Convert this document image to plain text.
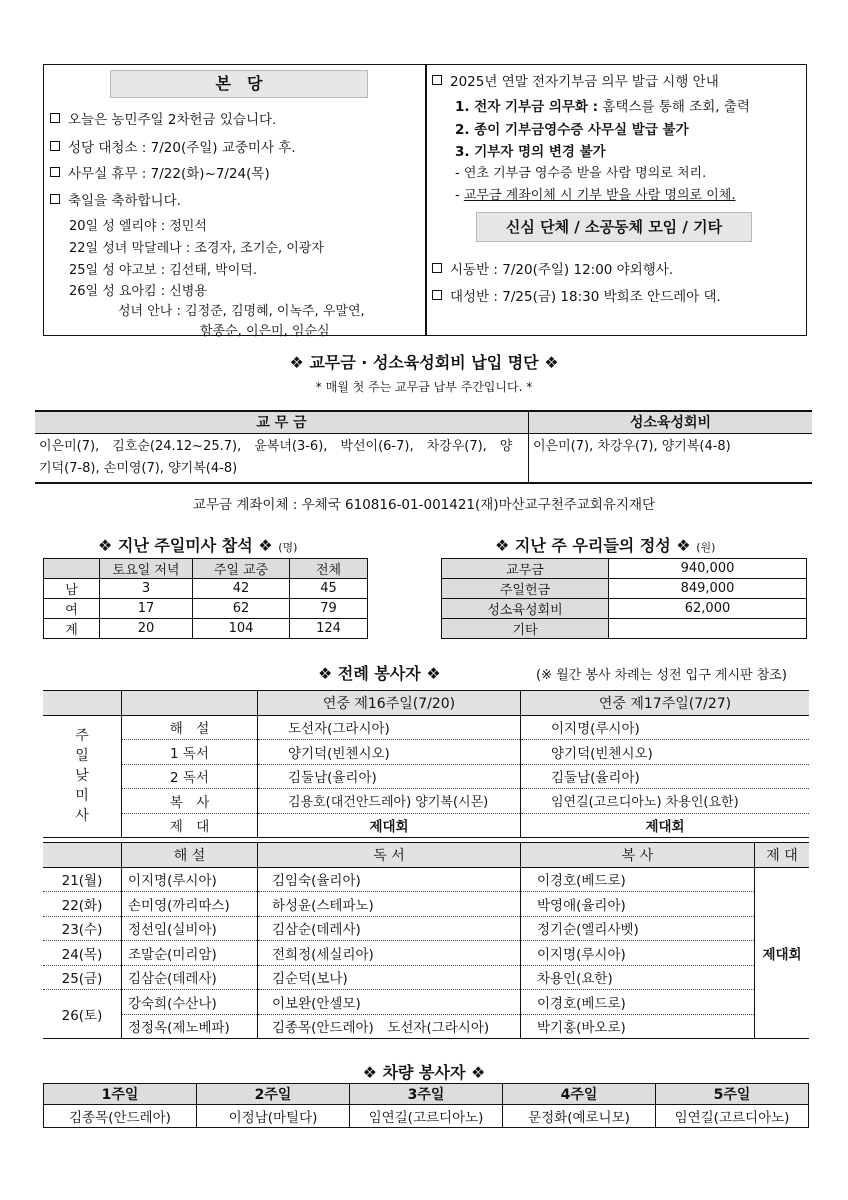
본　당
오늘은 농민주일 2차헌금 있습니다.
성당 대청소 : 7/20(주일) 교중미사 후.
사무실 휴무 : 7/22(화)~7/24(목)
축일을 축하합니다.
20일 성 엘리야 : 정민석
22일 성녀 막달레나 : 조경자, 조기순, 이광자
25일 성 야고보 : 김선태, 박이덕.
26일 성 요아킴 : 신병용
성녀 안나 : 김정준, 김명혜, 이녹주, 우말연,
함종순, 이은미, 임순심
2025년 연말 전자기부금 의무 발급 시행 안내
1. 전자 기부금 의무화 : 홈택스를 통해 조회, 출력
2. 종이 기부금영수증 사무실 발급 불가
3. 기부자 명의 변경 불가
- 연초 기부금 영수증 받을 사람 명의로 처리.
- 교무금 계좌이체 시 기부 받을 사람 명의로 이체.
신심 단체 / 소공동체 모임 / 기타
시동반 : 7/20(주일) 12:00 야외행사.
대성반 : 7/25(금) 18:30 박희조 안드레아 댁.
❖ 교무금 · 성소육성회비 납입 명단 ❖
* 매월 첫 주는 교무금 납부 주간입니다. *
교 무 금	성소육성회비
이은미(7),　김호순(24.12~25.7),　윤복녀(3-6),　박선이(6-7),　차강우(7),　양기덕(7-8), 손미영(7), 양기복(4-8)	이은미(7), 차강우(7), 양기복(4-8)
교무금 계좌이체 : 우체국 610816-01-001421(재)마산교구천주교회유지재단
❖ 지난 주일미사 참석 ❖ (명)
	토요일 저녁	주일 교중	전체
남	3	42	45
여	17	62	79
계	20	104	124
❖ 지난 주 우리들의 정성 ❖ (원)
교무금	940,000
주일헌금	849,000
성소육성회비	62,000
기타	
❖ 전례 봉사자 ❖	(※ 월간 봉사 차례는 성전 입구 게시판 참조)
		연중 제16주일(7/20)	연중 제17주일(7/27)

주
일
낮
미
사	해　설	도선자(그라시아)	이지명(루시아)
	1 독서	양기덕(빈첸시오)	양기덕(빈첸시오)
	2 독서	김둘남(율리아)	김둘남(율리아)
	복　사	김용호(대건안드레아) 양기복(시몬)	임연길(고르디아노) 차용인(요한)
	제　대	제대회	제대회
	해 설	독 서	복 사	제 대
21(월)	이지명(루시아)	김임숙(율리아)	이경호(베드로)	제대회
22(화)	손미영(까리따스)	하성윤(스테파노)	박영애(율리아)	
23(수)	정선임(실비아)	김삼순(데레사)	정기순(엘리사벳)	
24(목)	조말순(미리암)	전희정(세실리아)	이지명(루시아)	
25(금)	김삼순(데레사)	김순덕(보나)	차용인(요한)	
26(토)	강숙희(수산나)	이보완(안셀모)	이경호(베드로)	
	정정옥(제노베파)	김종목(안드레아)　도선자(그라시아)	박기홍(바오로)	
❖ 차량 봉사자 ❖
1주일	2주일	3주일	4주일	5주일
김종목(안드레아)	이정남(마틸다)	임연길(고르디아노)	문정화(예로니모)	임연길(고르디아노)
